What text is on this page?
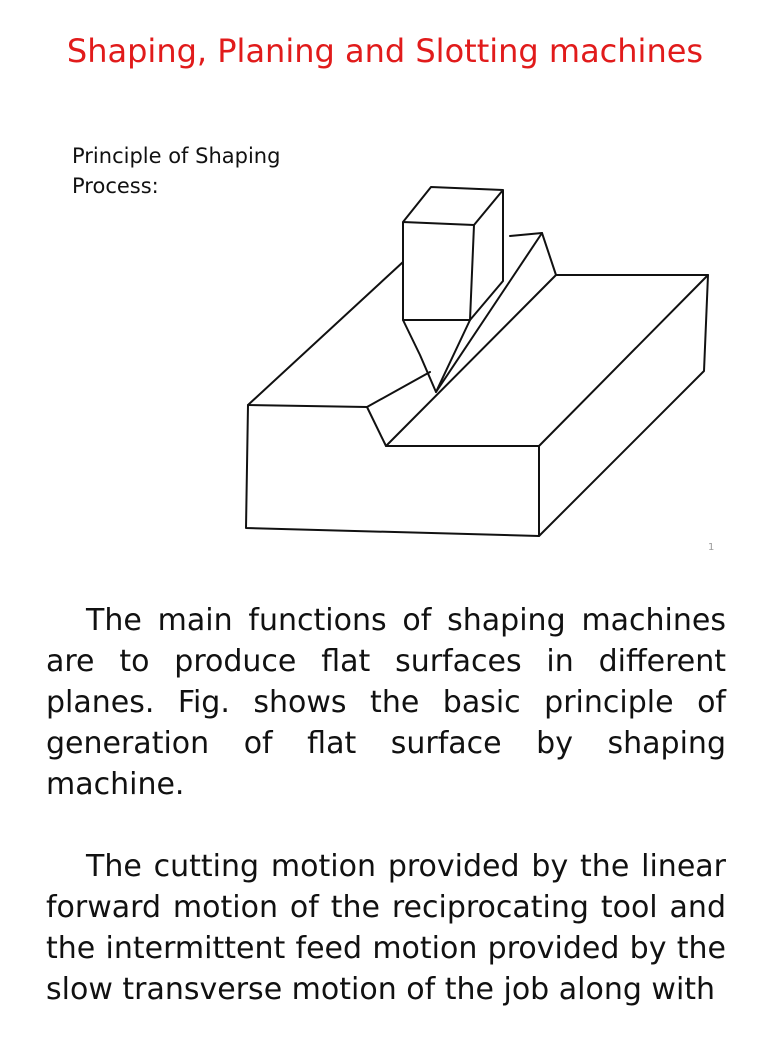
Shaping, Planing and Slotting machines

Principle of Shaping Process:

1

The main functions of shaping machines are to produce flat surfaces in different planes. Fig. shows the basic principle of generation of flat surface by shaping machine.

The cutting motion provided by the linear forward motion of the reciprocating tool and the intermittent feed motion provided by the slow transverse motion of the job along with
